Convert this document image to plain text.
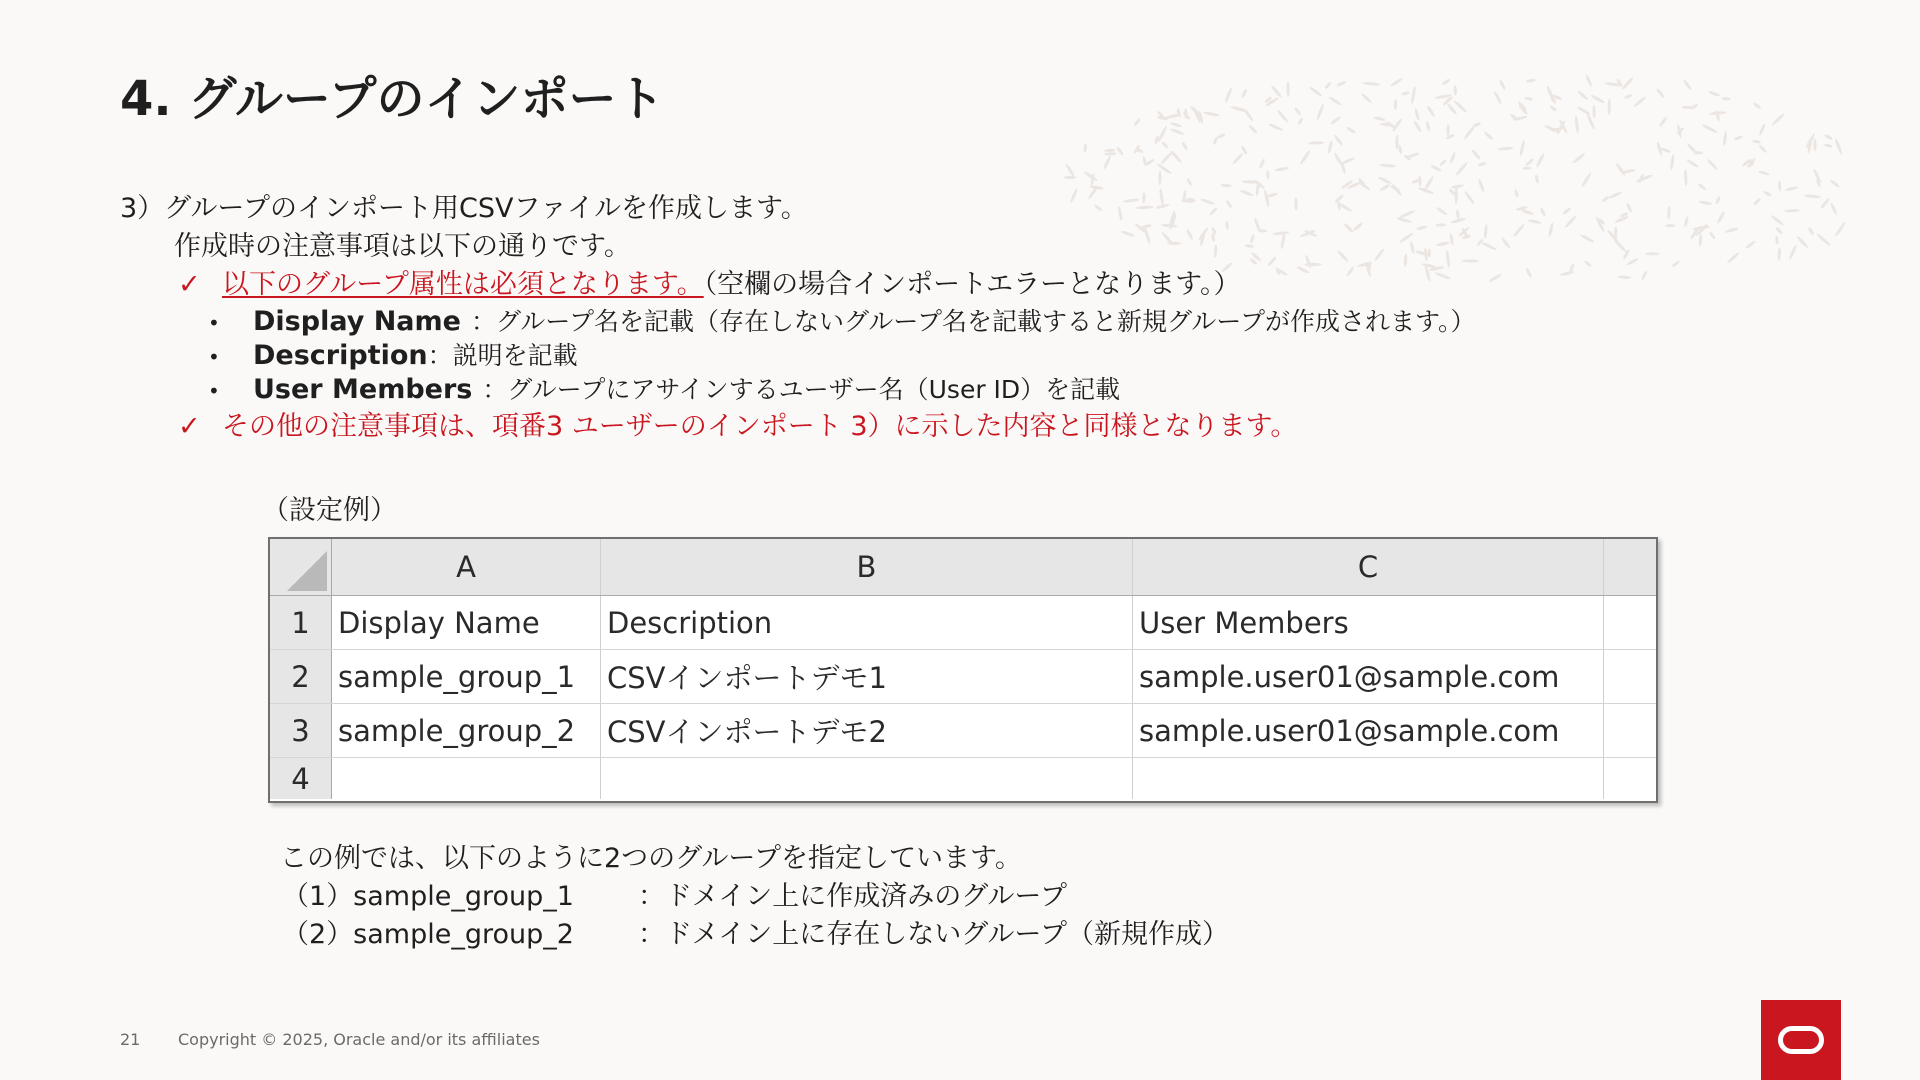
4. グループのインポート
3）グループのインポート用CSVファイルを作成します。
作成時の注意事項は以下の通りです。
✓ 以下のグループ属性は必須となります。（空欄の場合インポートエラーとなります。）
• Display Name ：グループ名を記載（存在しないグループ名を記載すると新規グループが作成されます。）
• Description：説明を記載
• User Members ：グループにアサインするユーザー名（User ID）を記載
✓ その他の注意事項は、項番3 ユーザーのインポート 3）に示した内容と同様となります。
（設定例）
A	B	C
1 Display Name	Description	User Members
2 sample_group_1	CSVインポートデモ1	sample.user01@sample.com
3 sample_group_2	CSVインポートデモ2	sample.user01@sample.com
4
この例では、以下のように2つのグループを指定しています。
（1）sample_group_1 ：ドメイン上に作成済みのグループ
（2）sample_group_2 ：ドメイン上に存在しないグループ（新規作成）
21 Copyright © 2025, Oracle and/or its affiliates
